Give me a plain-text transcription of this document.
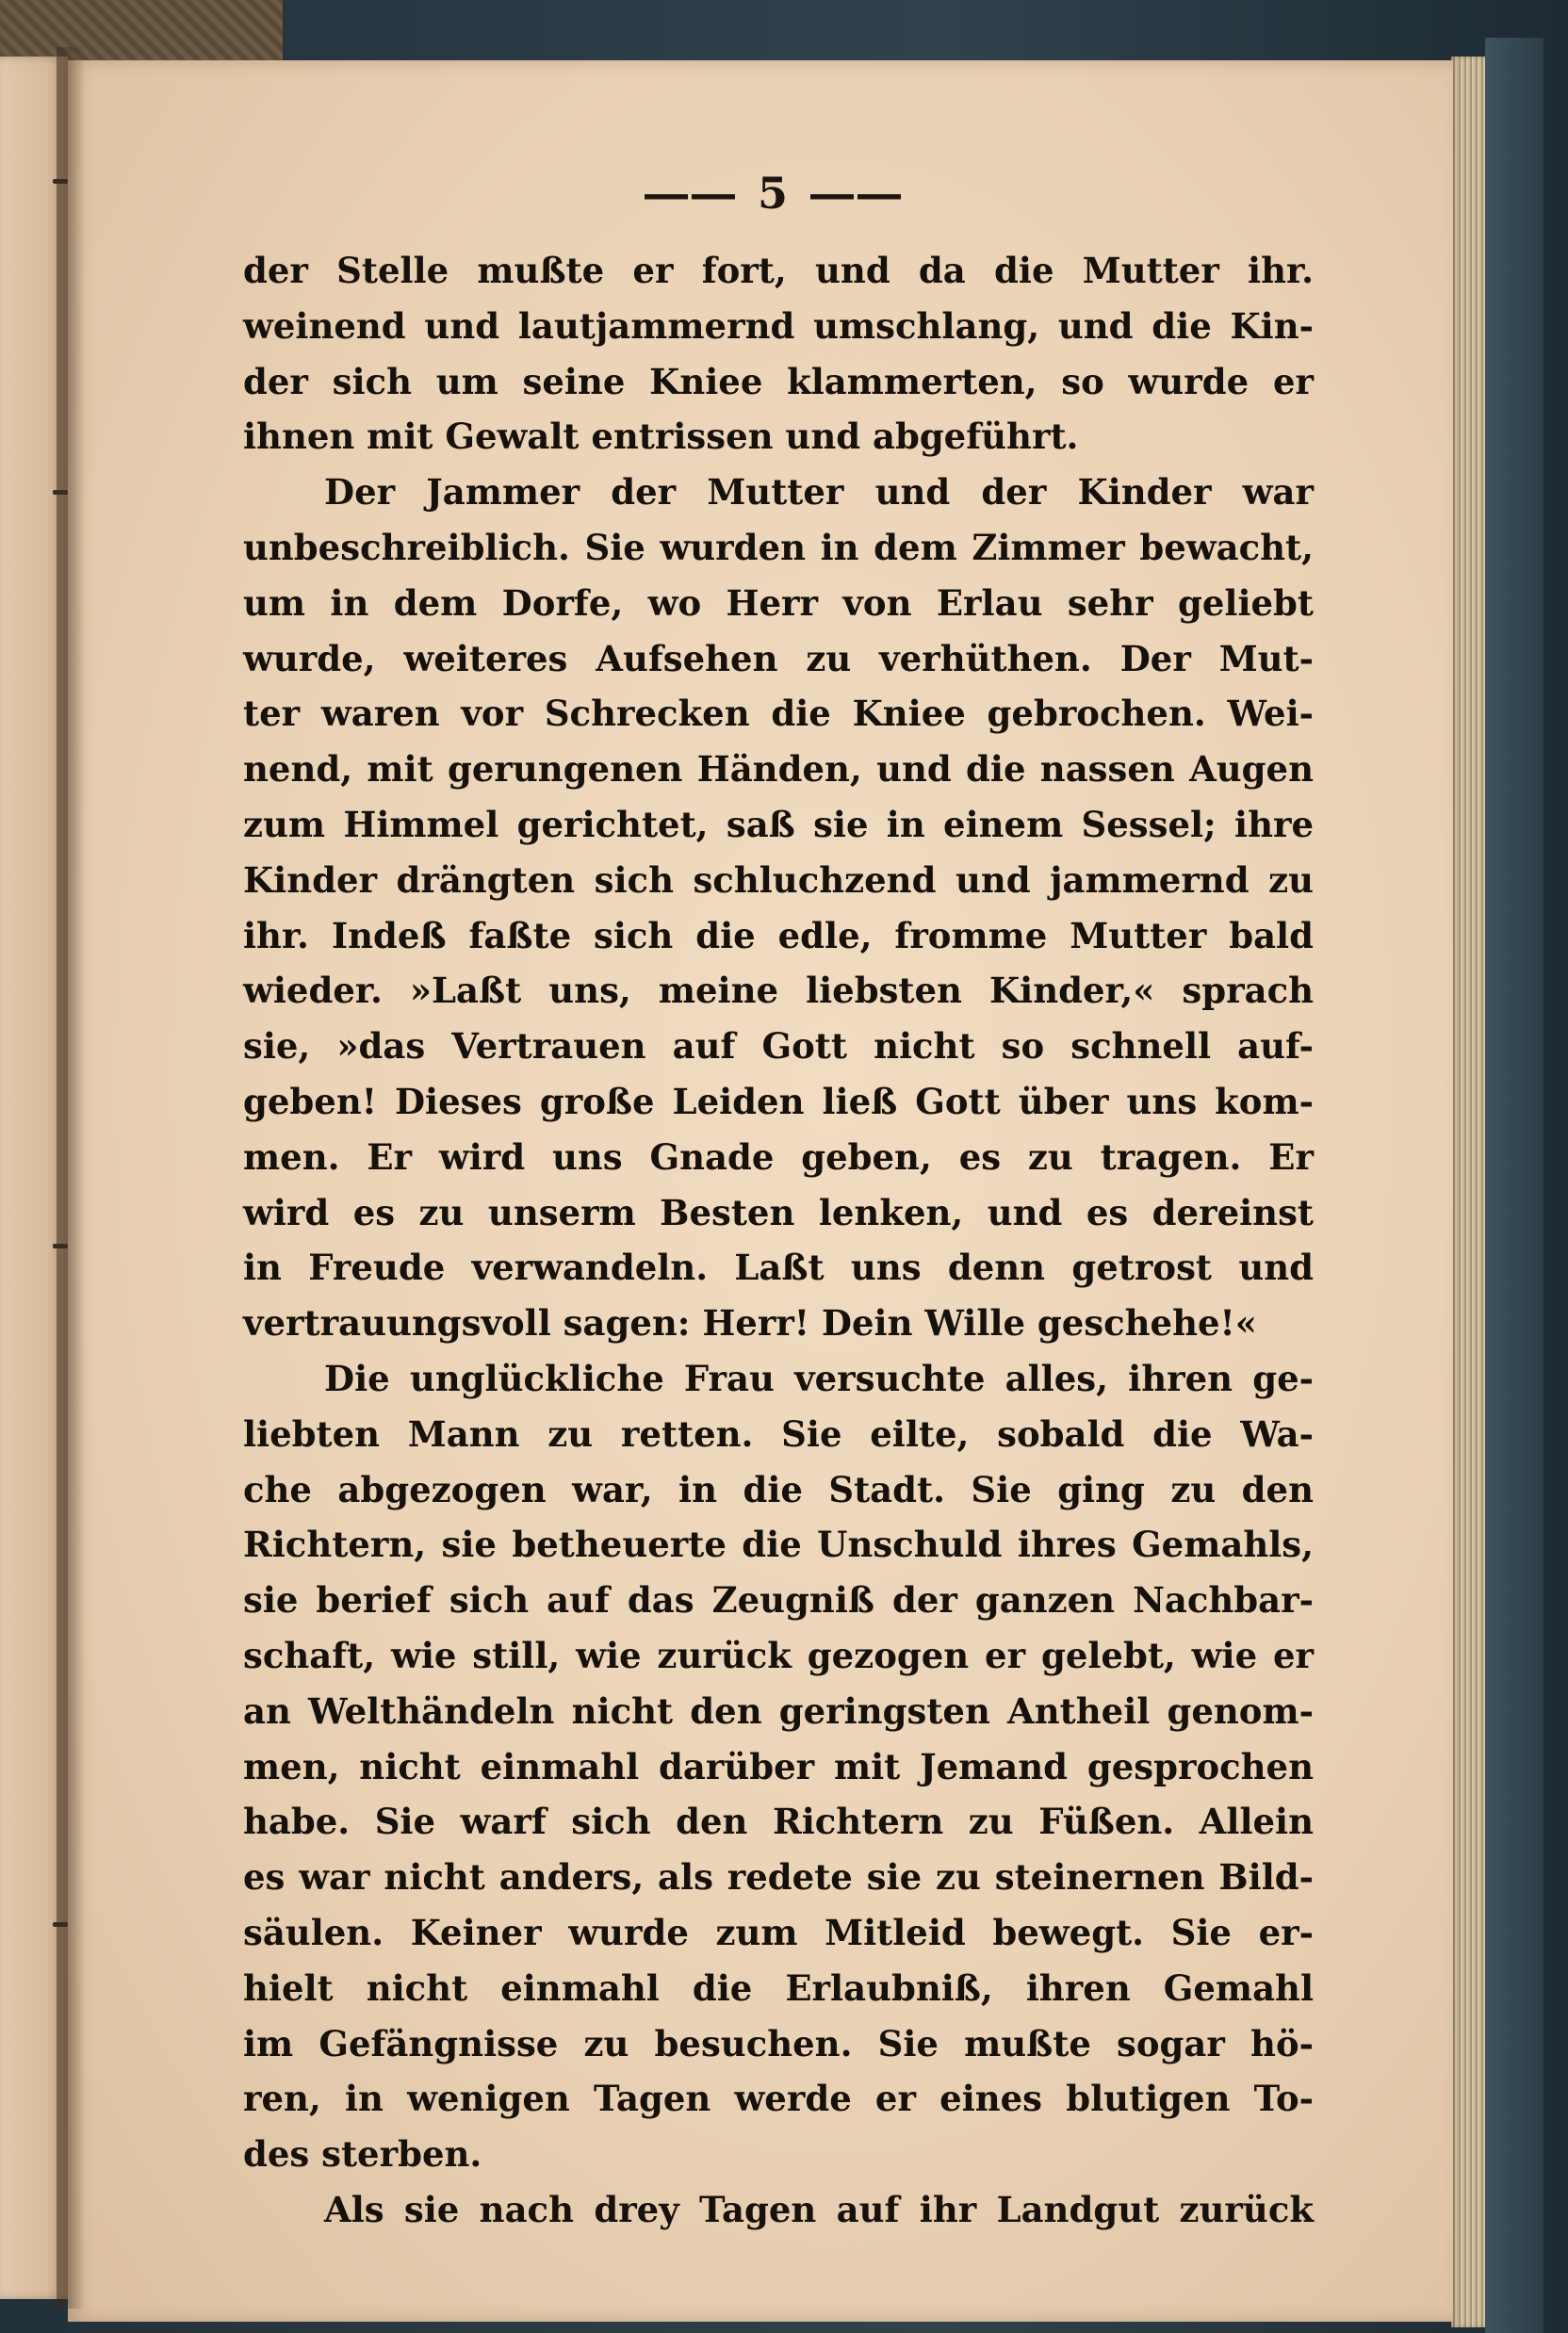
―― 5 ――
der Stelle mußte er fort, und da die Mutter ihr.
weinend und lautjammernd umschlang, und die Kin-
der sich um seine Kniee klammerten, so wurde er
ihnen mit Gewalt entrissen und abgeführt.
Der Jammer der Mutter und der Kinder war
unbeschreiblich. Sie wurden in dem Zimmer bewacht,
um in dem Dorfe, wo Herr von Erlau sehr geliebt
wurde, weiteres Aufsehen zu verhüthen. Der Mut-
ter waren vor Schrecken die Kniee gebrochen. Wei-
nend, mit gerungenen Händen, und die nassen Augen
zum Himmel gerichtet, saß sie in einem Sessel; ihre
Kinder drängten sich schluchzend und jammernd zu
ihr. Indeß faßte sich die edle, fromme Mutter bald
wieder. »Laßt uns, meine liebsten Kinder,« sprach
sie, »das Vertrauen auf Gott nicht so schnell auf-
geben! Dieses große Leiden ließ Gott über uns kom-
men. Er wird uns Gnade geben, es zu tragen. Er
wird es zu unserm Besten lenken, und es dereinst
in Freude verwandeln. Laßt uns denn getrost und
vertrauungsvoll sagen: Herr! Dein Wille geschehe!«
Die unglückliche Frau versuchte alles, ihren ge-
liebten Mann zu retten. Sie eilte, sobald die Wa-
che abgezogen war, in die Stadt. Sie ging zu den
Richtern, sie betheuerte die Unschuld ihres Gemahls,
sie berief sich auf das Zeugniß der ganzen Nachbar-
schaft, wie still, wie zurück gezogen er gelebt, wie er
an Welthändeln nicht den geringsten Antheil genom-
men, nicht einmahl darüber mit Jemand gesprochen
habe. Sie warf sich den Richtern zu Füßen. Allein
es war nicht anders, als redete sie zu steinernen Bild-
säulen. Keiner wurde zum Mitleid bewegt. Sie er-
hielt nicht einmahl die Erlaubniß, ihren Gemahl
im Gefängnisse zu besuchen. Sie mußte sogar hö-
ren, in wenigen Tagen werde er eines blutigen To-
des sterben.
Als sie nach drey Tagen auf ihr Landgut zurück
